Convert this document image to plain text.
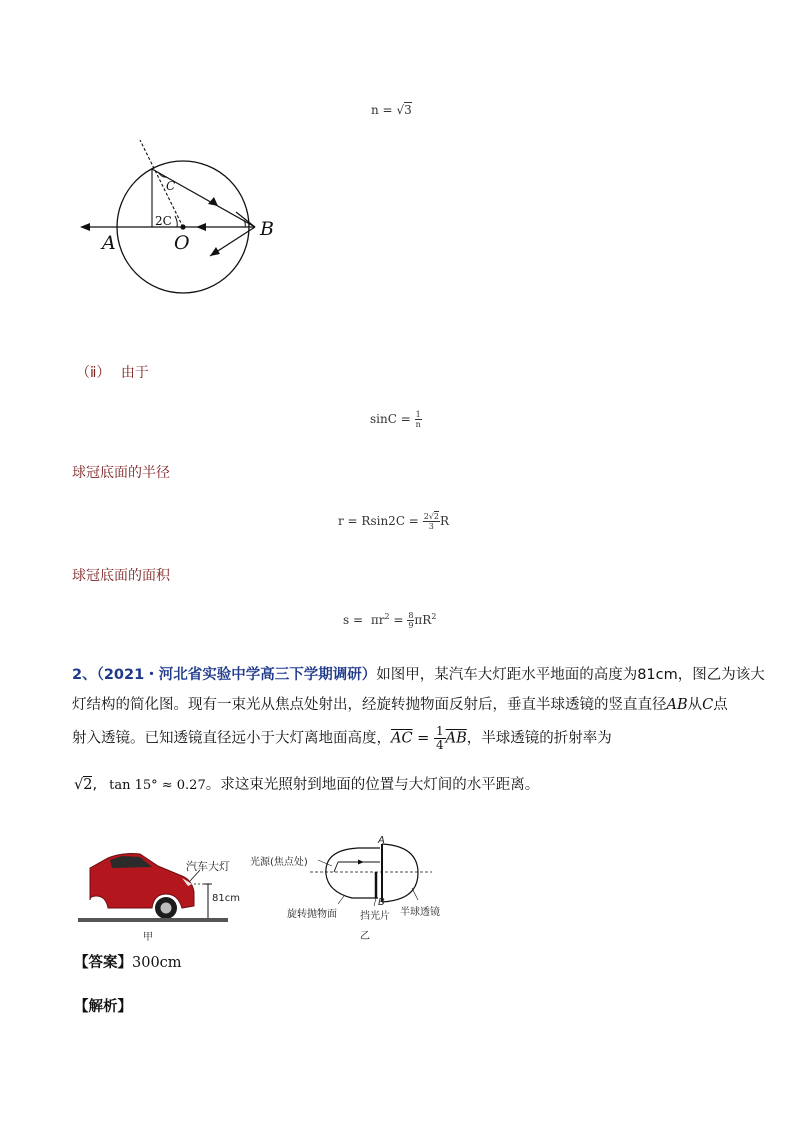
n = √3
A	O
B
C
2C
（ⅱ） 由于
$\sin C = \frac{1}{n}$
球冠底面的半径
$r = Rsin2C = \frac{2√2}{3}$ R
球冠底面的面积
$s = \pi r^2 = \frac{8}{9} \pi R^2$
2、（2021・河北省实验中学高三下学期调研）如图甲，某汽车大灯距水平地面的高度为81cm，图乙为该大
灯结构的简化图。现有一束光从焦点处射出，经旋转抛物面反射后，垂直半球透镜的竖直直径AB从C点
射入透镜。已知透镜直径远小于大灯离地面高度，$\overline{AC} = \frac{1}{4} \overline{AB}$，半球透镜的折射率为
√2, tan 15° ≈ 0.27。求这束光照射到地面的位置与大灯间的水平距离。
汽车大灯
81cm
甲
光源(焦点处)
A
B
旋转抛物面 挡光片 半球透镜
乙
【答案】300cm
【解析】
